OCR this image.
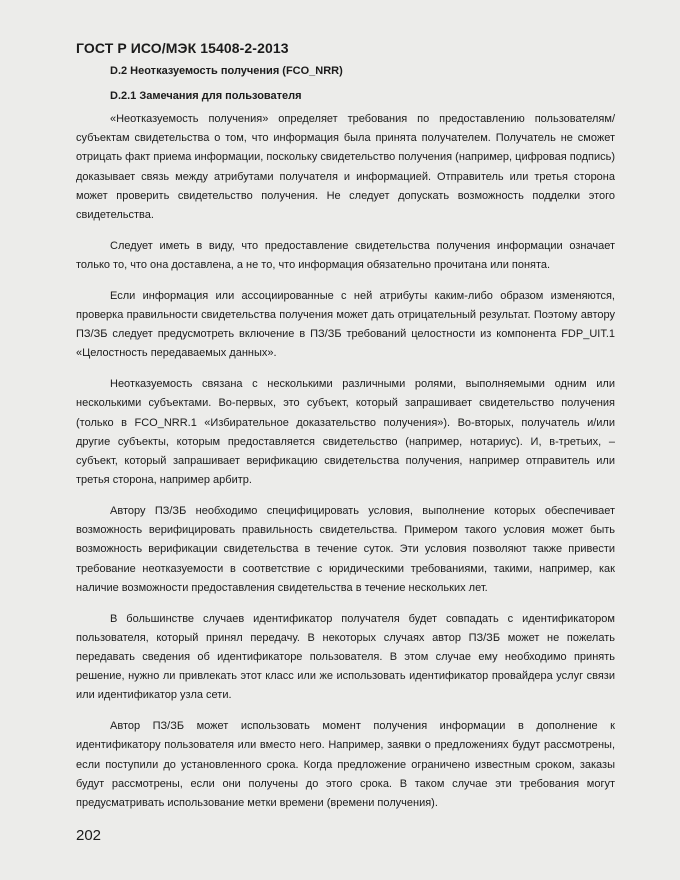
ГОСТ Р ИСО/МЭК 15408-2-2013
D.2 Неотказуемость получения (FCO_NRR)
D.2.1 Замечания для пользователя

«Неотказуемость получения» определяет требования по предоставлению пользователям/субъектам свидетельства о том, что информация была принята получателем. Получатель не сможет отрицать факт приема информации, поскольку свидетельство получения (например, цифровая подпись) доказывает связь между атрибутами получателя и информацией. Отправитель или третья сторона может проверить свидетельство получения. Не следует допускать возможность подделки этого свидетельства.

Следует иметь в виду, что предоставление свидетельства получения информации означает только то, что она доставлена, а не то, что информация обязательно прочитана или понята.

Если информация или ассоциированные с ней атрибуты каким-либо образом изменяются, проверка правильности свидетельства получения может дать отрицательный результат. Поэтому автору ПЗ/ЗБ следует предусмотреть включение в ПЗ/ЗБ требований целостности из компонента FDP_UIT.1 «Целостность передаваемых данных».

Неотказуемость связана с несколькими различными ролями, выполняемыми одним или несколькими субъектами. Во-первых, это субъект, который запрашивает свидетельство получения (только в FCO_NRR.1 «Избирательное доказательство получения»). Во-вторых, получатель и/или другие субъекты, которым предоставляется свидетельство (например, нотариус). И, в-третьих, – субъект, который запрашивает верификацию свидетельства получения, например отправитель или третья сторона, например арбитр.

Автору ПЗ/ЗБ необходимо специфицировать условия, выполнение которых обеспечивает возможность верифицировать правильность свидетельства. Примером такого условия может быть возможность верификации свидетельства в течение суток. Эти условия позволяют также привести требование неотказуемости в соответствие с юридическими требованиями, такими, например, как наличие возможности предоставления свидетельства в течение нескольких лет.

В большинстве случаев идентификатор получателя будет совпадать с идентификатором пользователя, который принял передачу. В некоторых случаях автор ПЗ/ЗБ может не пожелать передавать сведения об идентификаторе пользователя. В этом случае ему необходимо принять решение, нужно ли привлекать этот класс или же использовать идентификатор провайдера услуг связи или идентификатор узла сети.

Автор ПЗ/ЗБ может использовать момент получения информации в дополнение к идентификатору пользователя или вместо него. Например, заявки о предложениях будут рассмотрены, если поступили до установленного срока. Когда предложение ограничено известным сроком, заказы будут рассмотрены, если они получены до этого срока. В таком случае эти требования могут предусматривать использование метки времени (времени получения).

202
